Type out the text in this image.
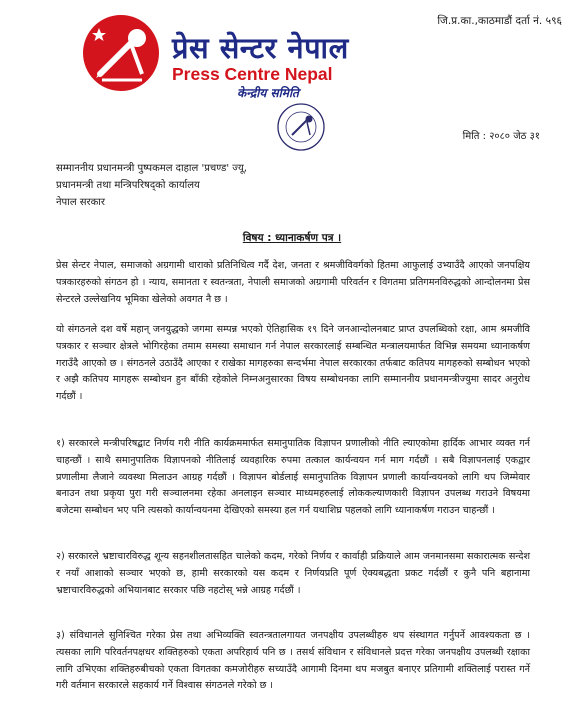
जि.प्र.का.,काठमाडौं दर्ता नं. ५९६
प्रेस सेन्टर नेपाल
Press Centre Nepal
केन्द्रीय समिति
मिति : २०८० जेठ ३१
सम्माननीय प्रधानमन्त्री पुष्पकमल दाहाल 'प्रचण्ड' ज्यू,
प्रधानमन्त्री तथा मन्त्रिपरिषद्को कार्यालय
नेपाल सरकार
विषय : ध्यानाकर्षण पत्र ।
प्रेस सेन्टर नेपाल, समाजको अग्रगामी धाराको प्रतिनिधित्व गर्दै देश, जनता र श्रमजीविवर्गको हितमा आफुलाई उभ्याउँदै आएको जनपक्षिय पत्रकारहरुको संगठन हो । न्याय, समानता र स्वतन्त्रता, नेपाली समाजको अग्रगामी परिवर्तन र विगतमा प्रतिगमनविरुद्धको आन्दोलनमा प्रेस सेन्टरले उल्लेखनिय भूमिका खेलेको अवगत नै छ ।
यो संगठनले दश वर्षे महान् जनयुद्धको जगमा सम्पन्न भएको ऐतिहासिक १९ दिने जनआन्दोलनबाट प्राप्त उपलब्धिको रक्षा, आम श्रमजीवि पत्रकार र सञ्चार क्षेत्रले भोगिरहेका तमाम समस्या समाधान गर्न नेपाल सरकारलाई सम्बन्धित मन्त्रालयमार्फत विभिन्न समयमा ध्यानाकर्षण गराउँदै आएको छ । संगठनले उठाउँदै आएका र राखेका मागहरुका सन्दर्भमा नेपाल सरकारका तर्फबाट कतिपय मागहरुको सम्बोधन भएको र अझै कतिपय मागहरू सम्बोधन हुन बाँकी रहेकोले निम्नअनुसारका विषय सम्बोधनका लागि सम्माननीय प्रधानमन्त्रीज्युमा सादर अनुरोध गर्दछौं ।
१) सरकारले मन्त्रीपरिषद्बाट निर्णय गरी नीति कार्यक्रममार्फत समानुपातिक विज्ञापन प्रणालीको नीति ल्याएकोमा हार्दिक आभार व्यक्त गर्न चाहन्छौं । साथै समानुपातिक विज्ञापनको नीतिलाई व्यवहारिक रुपमा तत्काल कार्यन्वयन गर्न माग गर्दछौं । सबै विज्ञापनलाई एकद्वार प्रणालीमा लैजाने व्यवस्था मिलाउन आग्रह गर्दछौं । विज्ञापन बोर्डलाई समानुपातिक विज्ञापन प्रणाली कार्यान्वयनको लागि थप जिम्मेवार बनाउन तथा प्रकृया पुरा गरी सञ्चालनमा रहेका अनलाइन सञ्चार माध्यमहरुलाई लोककल्याणकारी विज्ञापन उपलब्ध गराउने विषयमा बजेटमा सम्बोधन भए पनि त्यसको कार्यान्वयनमा देखिएको समस्या हल गर्न यथाशिघ्र पहलको लागि ध्यानाकर्षण गराउन चाहन्छौं ।
२) सरकारले भ्रष्टाचारविरुद्ध शून्य सहनशीलतासहित चालेको कदम, गरेको निर्णय र कार्वाही प्रक्रियाले आम जनमानसमा सकारात्मक सन्देश र नयाँ आशाको सञ्चार भएको छ, हामी सरकारको यस कदम र निर्णयप्रति पूर्ण ऐक्यबद्धता प्रकट गर्दछौं र कुनै पनि बहानामा भ्रष्टाचारविरुद्धको अभियानबाट सरकार पछि नहटोस् भन्ने आग्रह गर्दछौं ।
३) संविधानले सुनिश्चित गरेका प्रेस तथा अभिव्यक्ति स्वतन्त्रतालगायत जनपक्षीय उपलब्धीहरु थप संस्थागत गर्नुपर्ने आवश्यकता छ । त्यसका लागि परिवर्तनपक्षधर शक्तिहरुको एकता अपरिहार्य पनि छ । तसर्थ संविधान र संविधानले प्रदत्त गरेका जनपक्षीय उपलब्धी रक्षाका लागि उभिएका शक्तिहरुबीचको एकता विगतका कमजोरीहरु सच्याउँदै आगामी दिनमा थप मजबुत बनाएर प्रतिगामी शक्तिलाई परास्त गर्ने गरी वर्तमान सरकारले सहकार्य गर्ने विश्वास संगठनले गरेको छ ।
